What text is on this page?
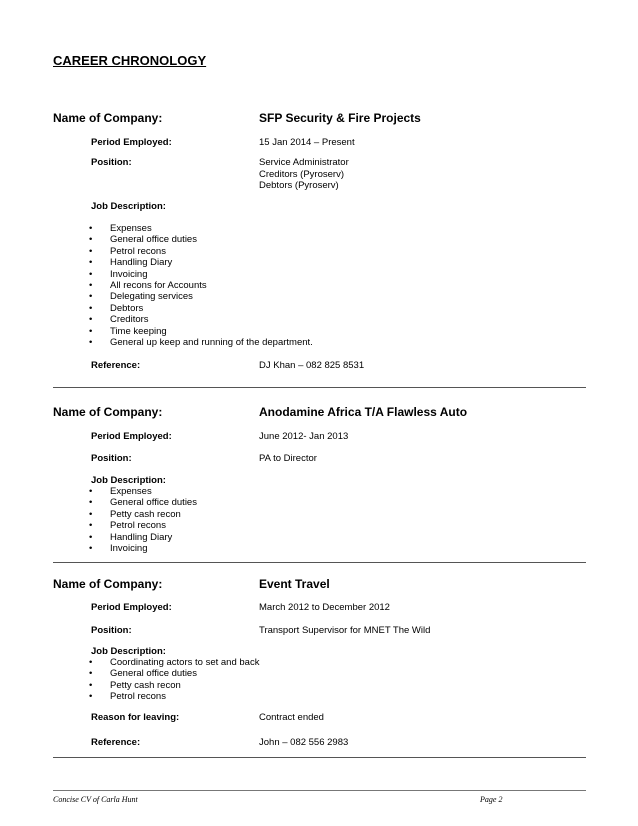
CAREER CHRONOLOGY
Name of Company:	SFP Security & Fire Projects
Period Employed:	15 Jan 2014 – Present
Position:	Service Administrator
Creditors (Pyroserv)
Debtors (Pyroserv)
Job Description:
• Expenses
• General office duties
• Petrol recons
• Handling Diary
• Invoicing
• All recons for Accounts
• Delegating services
• Debtors
• Creditors
• Time keeping
• General up keep and running of the department.
Reference:	DJ Khan – 082 825 8531
Name of Company:	Anodamine Africa T/A Flawless Auto
Period Employed:	June 2012- Jan 2013
Position:	PA to Director
Job Description:
• Expenses
• General office duties
• Petty cash recon
• Petrol recons
• Handling Diary
• Invoicing
Name of Company:	Event Travel
Period Employed:	March 2012 to December 2012
Position:	Transport Supervisor for MNET The Wild
Job Description:
• Coordinating actors to set and back
• General office duties
• Petty cash recon
• Petrol recons
Reason for leaving:	Contract ended
Reference:	John – 082 556 2983
Concise CV of Carla Hunt	Page 2
